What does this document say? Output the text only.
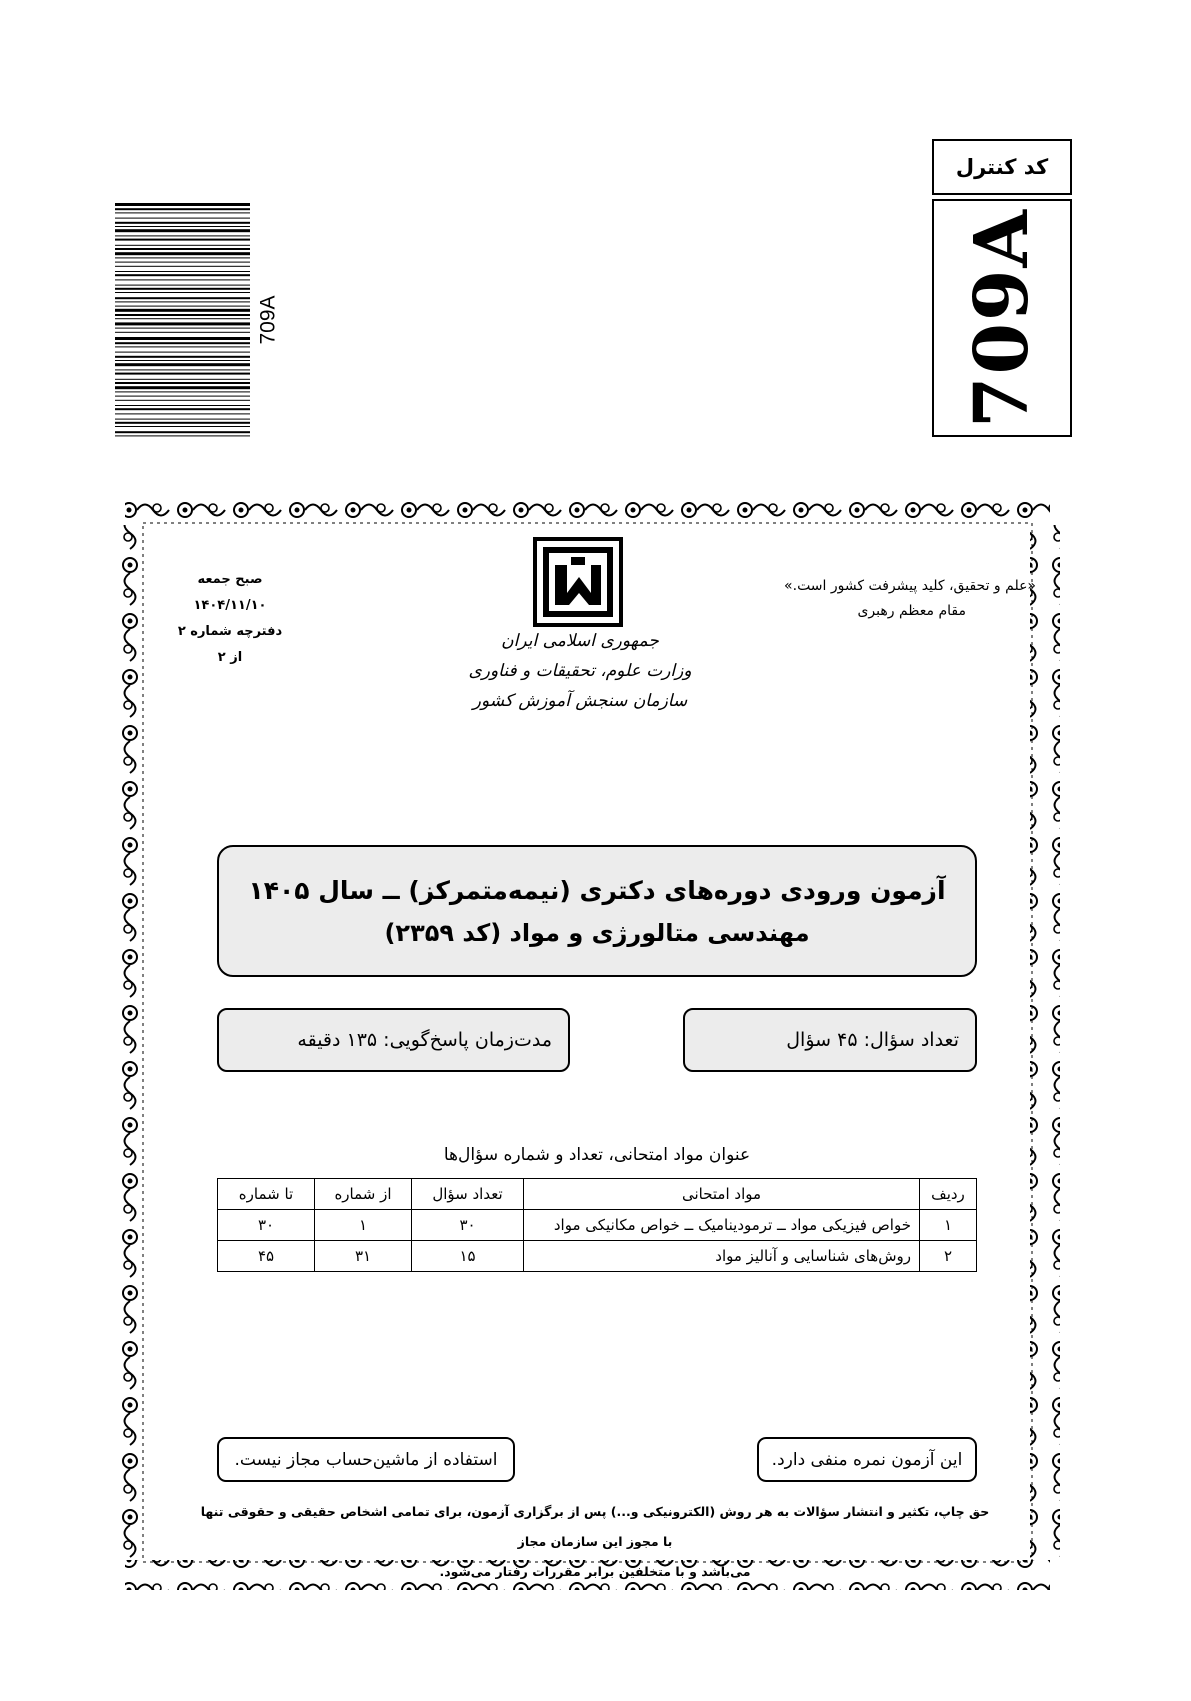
کد کنترل
709A
709A
«علم و تحقیق، کلید پیشرفت کشور است.»
مقام معظم رهبری
صبح جمعه
۱۴۰۴/۱۱/۱۰
دفترچه شماره ۲ از ۲
جمهوری اسلامی ایران
وزارت علوم، تحقیقات و فناوری
سازمان سنجش آموزش کشور
آزمون ورودی دوره‌های دکتری (نیمه‌متمرکز) ــ سال ۱۴۰۵
مهندسی متالورژی و مواد (کد ۲۳۵۹)
تعداد سؤال: ۴۵ سؤال
مدت‌زمان پاسخ‌گویی: ۱۳۵ دقیقه
عنوان مواد امتحانی، تعداد و شماره سؤال‌ها
ردیف	مواد امتحانی	تعداد سؤال	از شماره	تا شماره
۱	خواص فیزیکی مواد ــ ترمودینامیک ــ خواص مکانیکی مواد	۳۰	۱	۳۰
۲	روش‌های شناسایی و آنالیز مواد	۱۵	۳۱	۴۵
این آزمون نمره منفی دارد.
استفاده از ماشین‌حساب مجاز نیست.
حق چاپ، تکثیر و انتشار سؤالات به هر روش (الکترونیکی و...) پس از برگزاری آزمون، برای تمامی اشخاص حقیقی و حقوقی تنها با مجوز این سازمان مجاز
می‌باشد و با متخلفین برابر مقررات رفتار می‌شود.
